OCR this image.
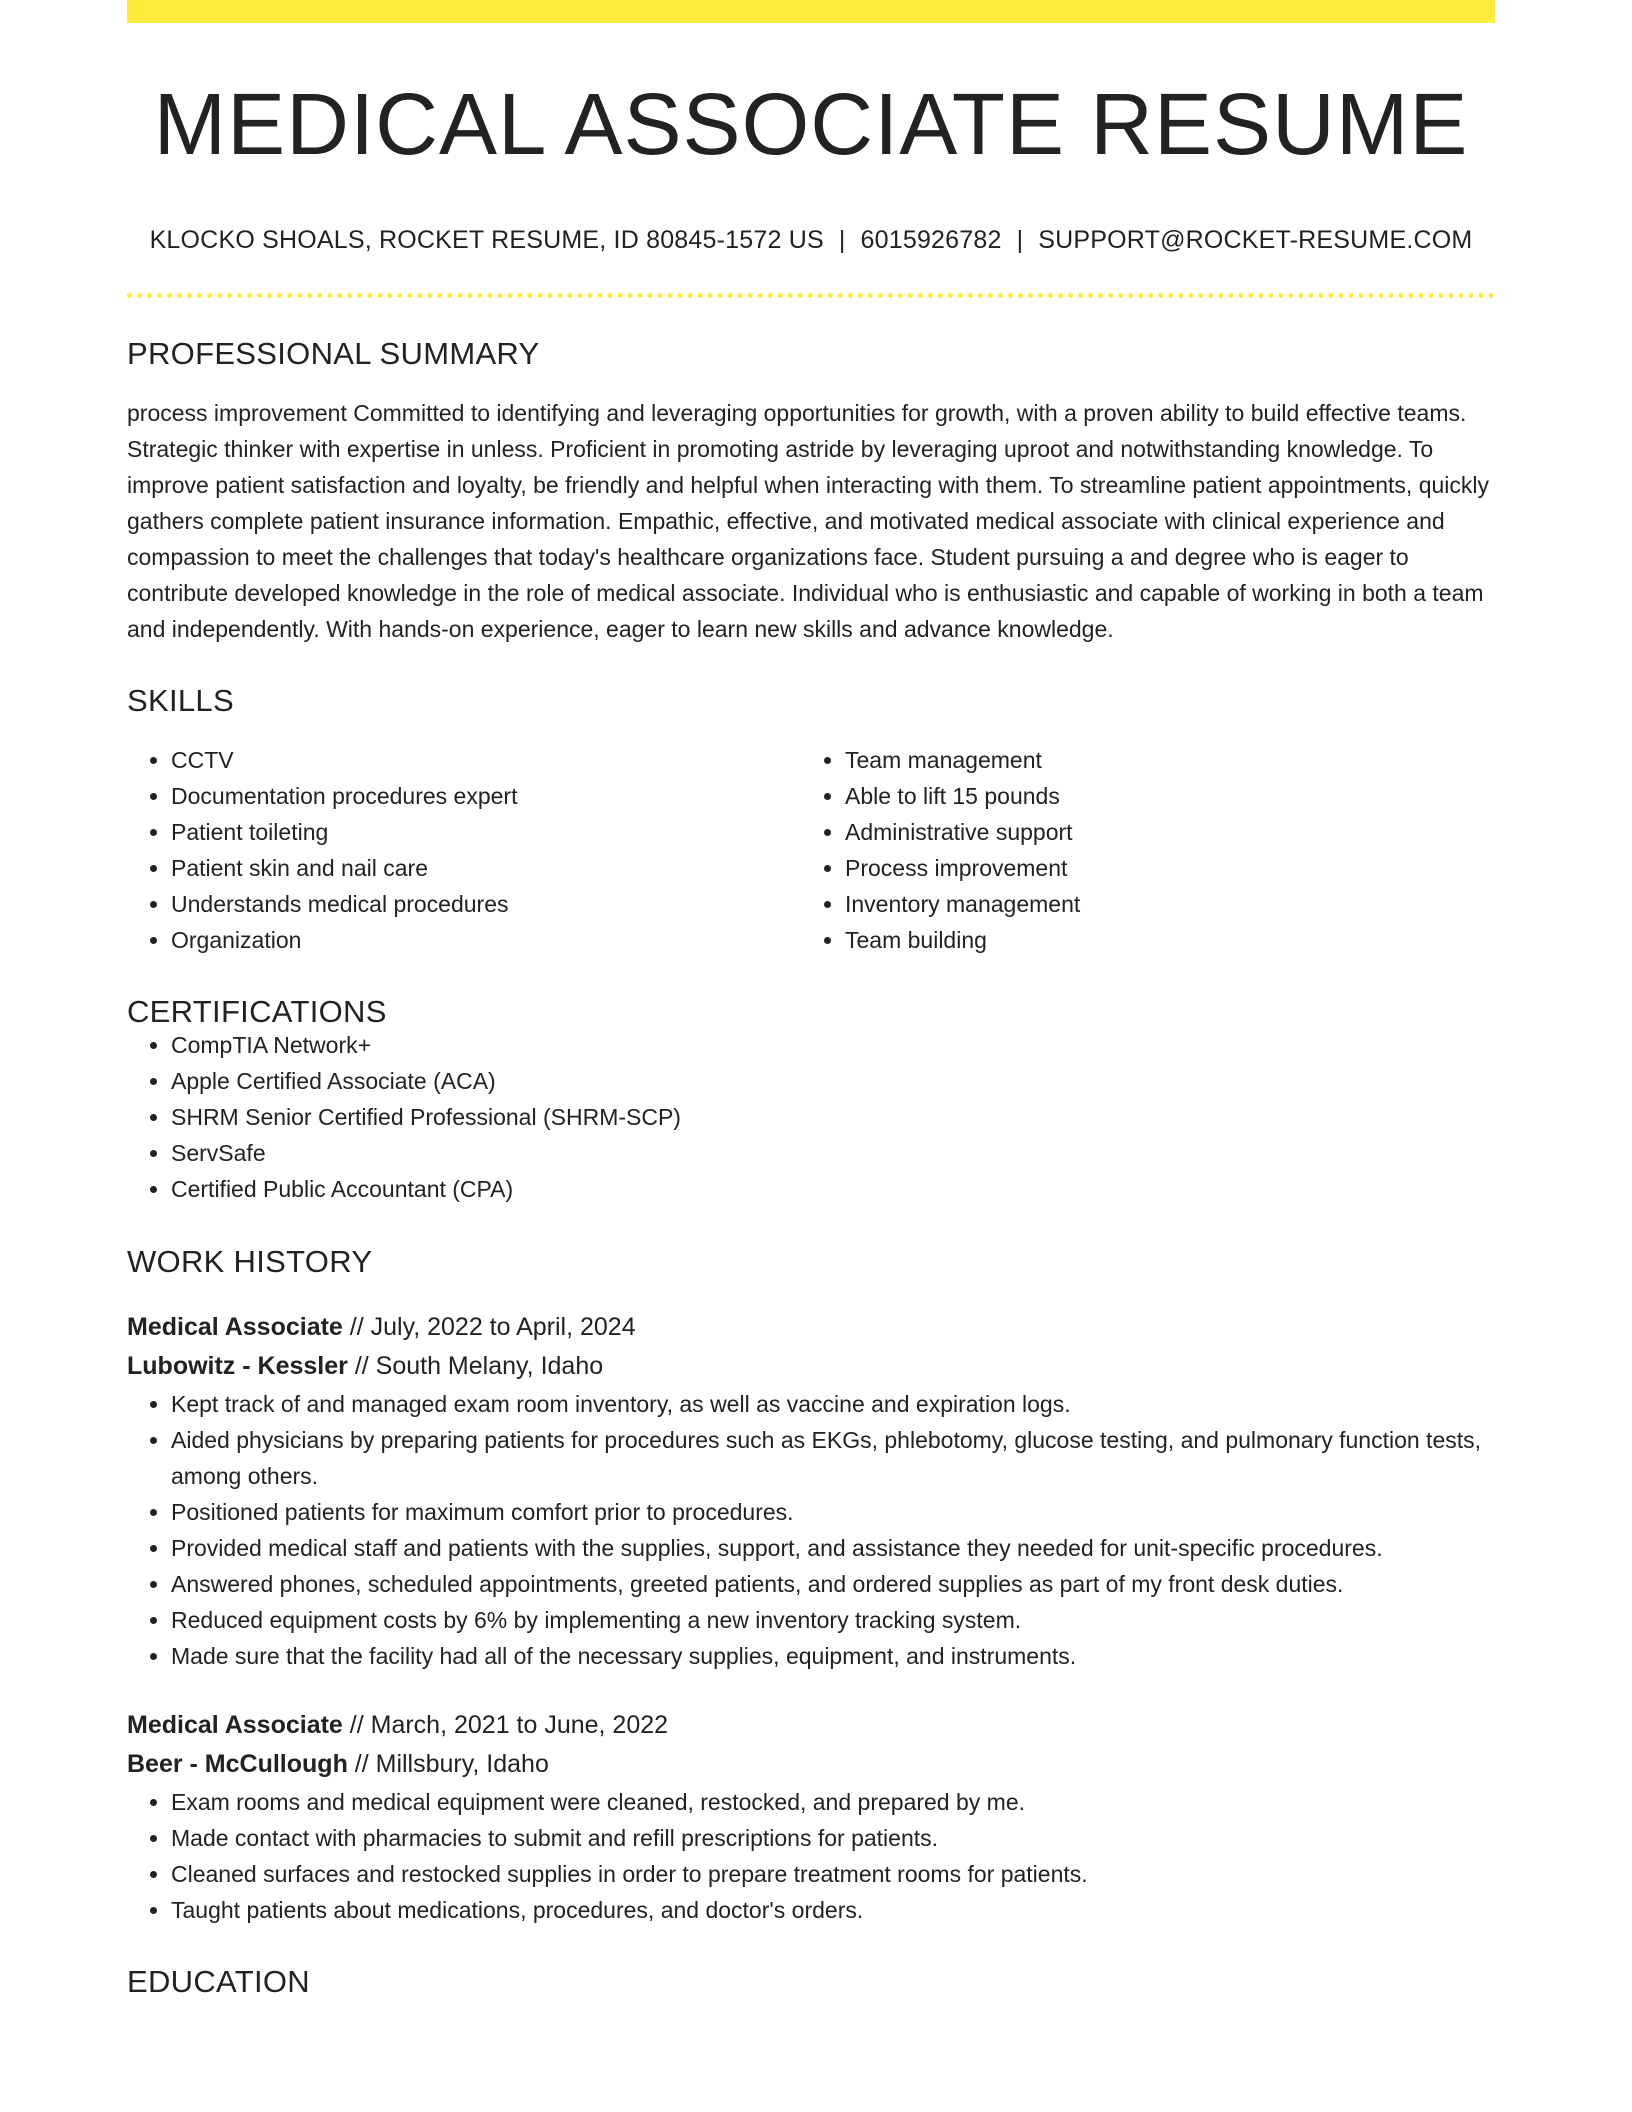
MEDICAL ASSOCIATE RESUME
KLOCKO SHOALS, ROCKET RESUME, ID 80845-1572 US | 6015926782 | SUPPORT@ROCKET-RESUME.COM
PROFESSIONAL SUMMARY

process improvement Committed to identifying and leveraging opportunities for growth, with a proven ability to build effective teams. Strategic thinker with expertise in unless. Proficient in promoting astride by leveraging uproot and notwithstanding knowledge. To improve patient satisfaction and loyalty, be friendly and helpful when interacting with them. To streamline patient appointments, quickly gathers complete patient insurance information. Empathic, effective, and motivated medical associate with clinical experience and compassion to meet the challenges that today's healthcare organizations face. Student pursuing a and degree who is eager to contribute developed knowledge in the role of medical associate. Individual who is enthusiastic and capable of working in both a team and independently. With hands-on experience, eager to learn new skills and advance knowledge.

SKILLS
• CCTV
• Documentation procedures expert
• Patient toileting
• Patient skin and nail care
• Understands medical procedures
• Organization
• Team management
• Able to lift 15 pounds
• Administrative support
• Process improvement
• Inventory management
• Team building
CERTIFICATIONS
• CompTIA Network+
• Apple Certified Associate (ACA)
• SHRM Senior Certified Professional (SHRM-SCP)
• ServSafe
• Certified Public Accountant (CPA)
WORK HISTORY
Medical Associate // July, 2022 to April, 2024
Lubowitz - Kessler // South Melany, Idaho
• Kept track of and managed exam room inventory, as well as vaccine and expiration logs.
• Aided physicians by preparing patients for procedures such as EKGs, phlebotomy, glucose testing, and pulmonary function tests, among others.
• Positioned patients for maximum comfort prior to procedures.
• Provided medical staff and patients with the supplies, support, and assistance they needed for unit-specific procedures.
• Answered phones, scheduled appointments, greeted patients, and ordered supplies as part of my front desk duties.
• Reduced equipment costs by 6% by implementing a new inventory tracking system.
• Made sure that the facility had all of the necessary supplies, equipment, and instruments.
Medical Associate // March, 2021 to June, 2022
Beer - McCullough // Millsbury, Idaho
• Exam rooms and medical equipment were cleaned, restocked, and prepared by me.
• Made contact with pharmacies to submit and refill prescriptions for patients.
• Cleaned surfaces and restocked supplies in order to prepare treatment rooms for patients.
• Taught patients about medications, procedures, and doctor's orders.
EDUCATION
